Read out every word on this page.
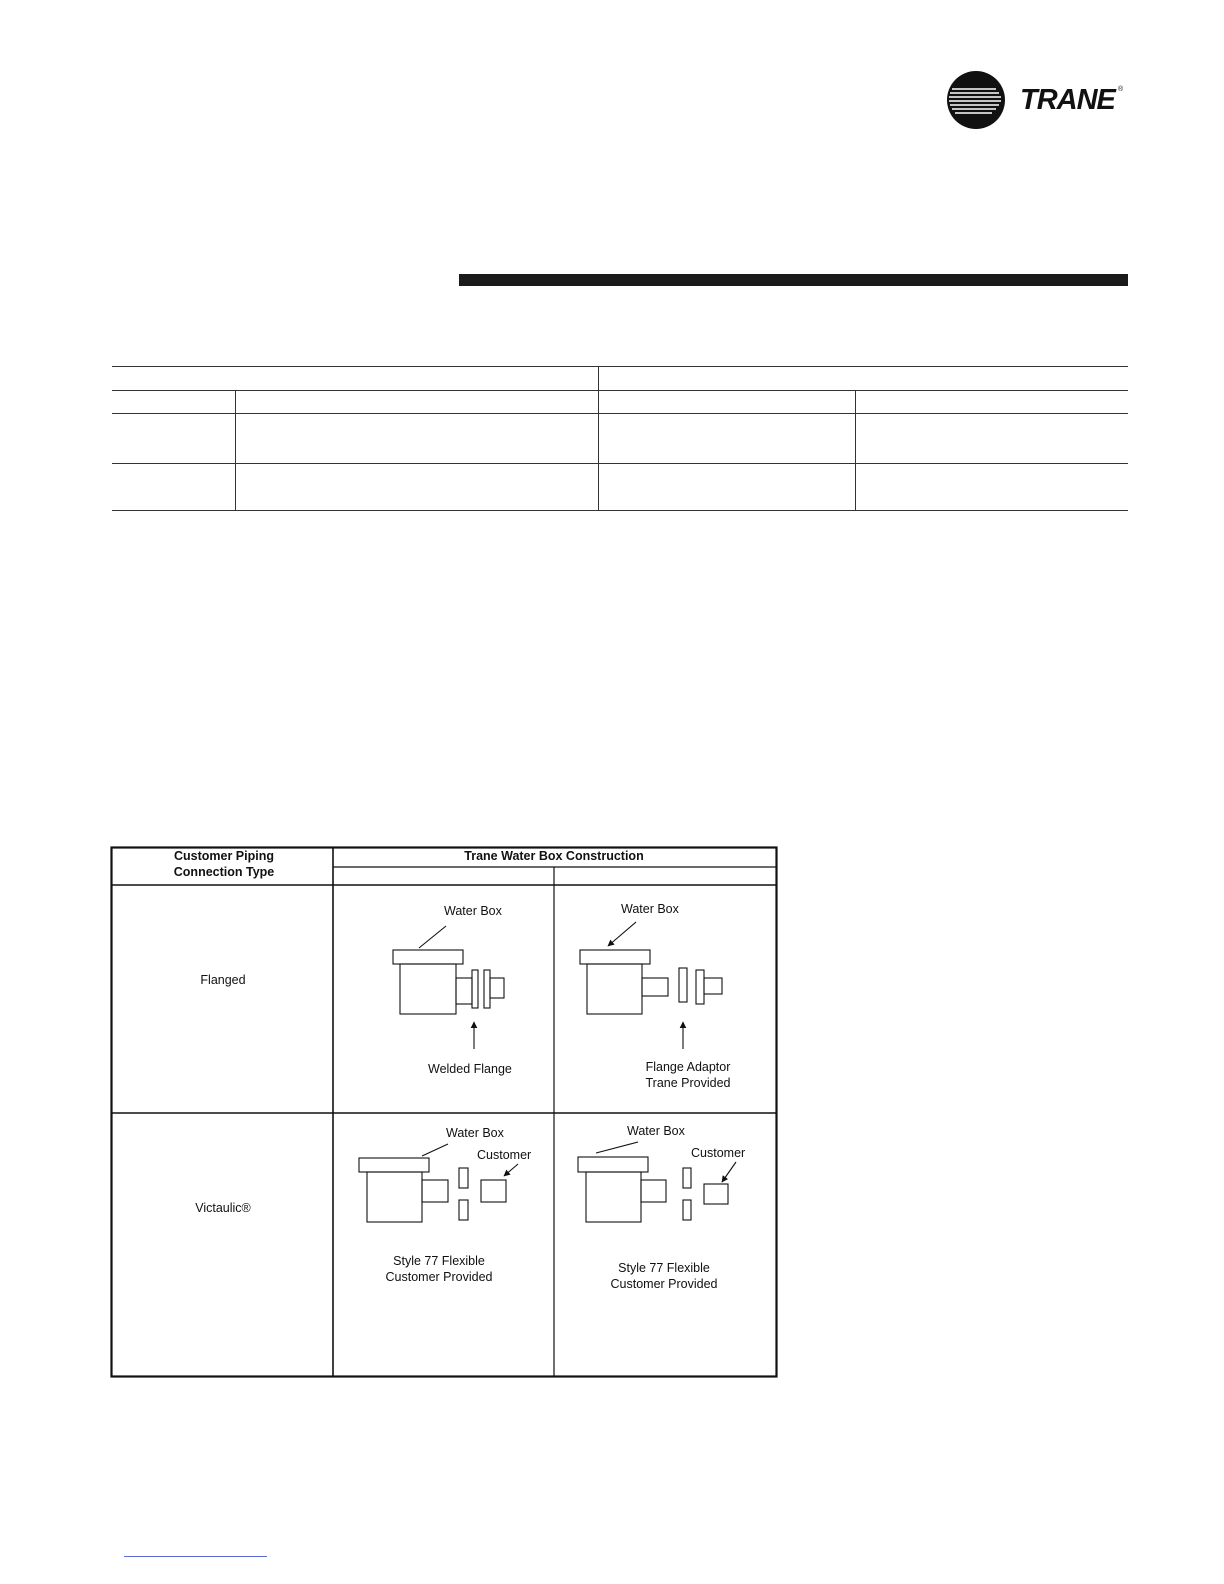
TRANE ®
Customer Piping
Connection Type
Trane Water Box Construction
Flanged
Victaulic®
Water Box
Welded Flange
Water Box
Flange Adaptor
Trane Provided
Water Box
Customer
Style 77 Flexible
Customer Provided
Water Box
Customer
Style 77 Flexible
Customer Provided
